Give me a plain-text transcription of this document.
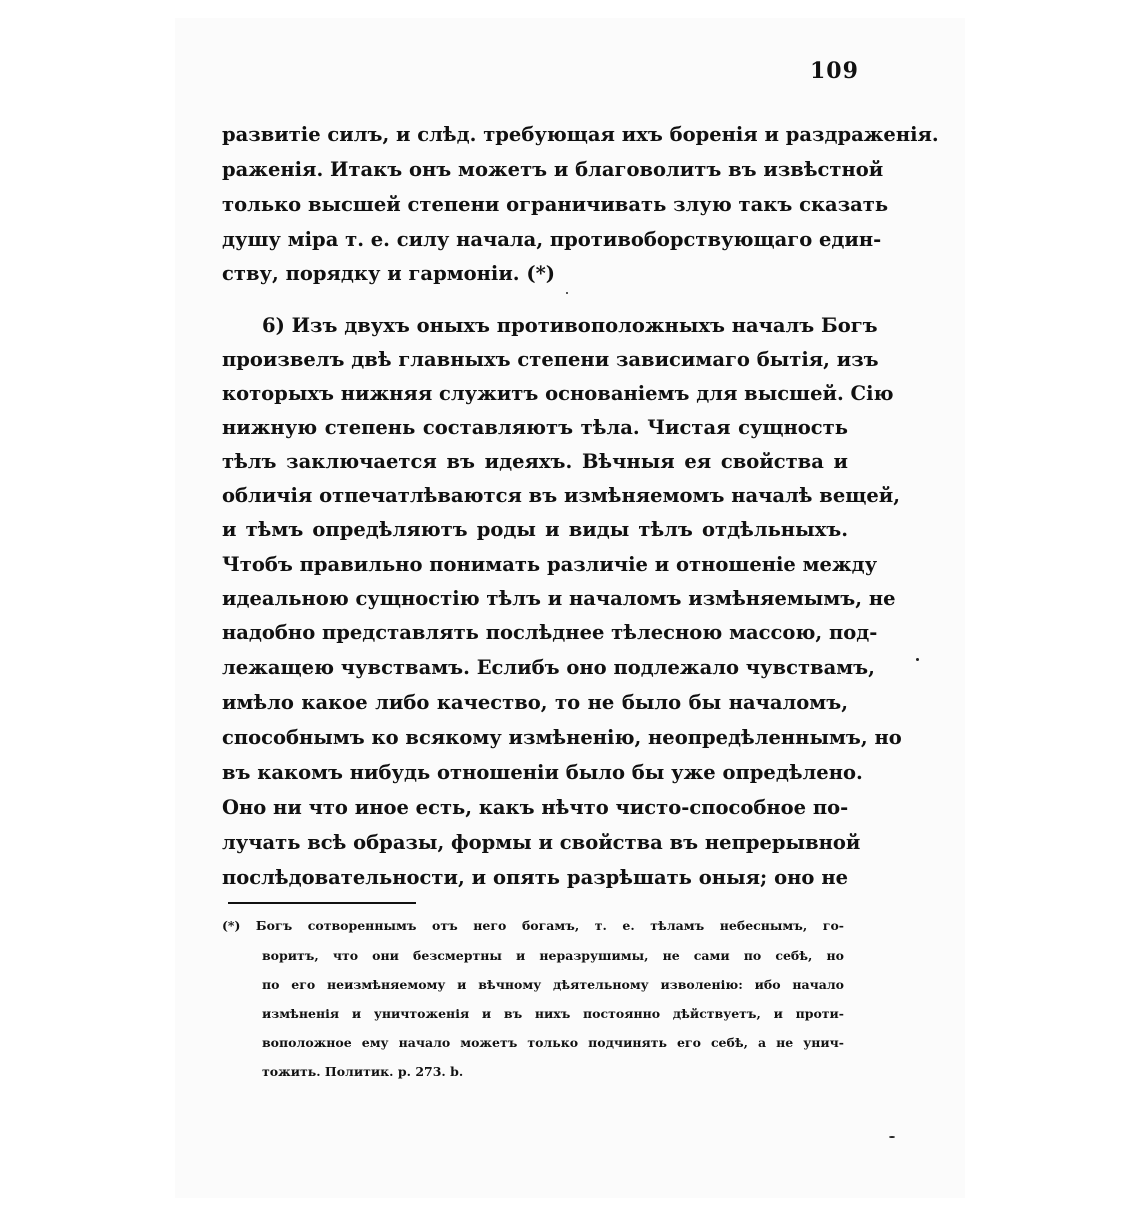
109
развитіе силъ, и слѣд. требующая ихъ боренія и раздраженія.
раженія. Итакъ онъ можетъ и благоволитъ въ извѣстной
только высшей степени ограничивать злую такъ сказать
душу міра т. е. силу начала, противоборствующаго един-
ству, порядку и гармоніи. (*)
6) Изъ двухъ оныхъ противоположныхъ началъ Богъ
произвелъ двѣ главныхъ степени зависимаго бытія, изъ
которыхъ нижняя служитъ основаніемъ для высшей. Сію
нижную степень составляютъ тѣла. Чистая сущность
тѣлъ заключается въ идеяхъ. Вѣчныя ея свойства и
обличія отпечатлѣваются въ измѣняемомъ началѣ вещей,
и тѣмъ опредѣляютъ роды и виды тѣлъ отдѣльныхъ.
Чтобъ правильно понимать различіе и отношеніе между
идеальною сущностію тѣлъ и началомъ измѣняемымъ, не
надобно представлять послѣднее тѣлесною массою, под-
лежащею чувствамъ. Еслибъ оно подлежало чувствамъ,
имѣло какое либо качество, то не было бы началомъ,
способнымъ ко всякому измѣненію, неопредѣленнымъ, но
въ какомъ нибудь отношеніи было бы уже опредѣлено.
Оно ни что иное есть, какъ нѣчто чисто-способное по-
лучать всѣ образы, формы и свойства въ непрерывной
послѣдовательности, и опять разрѣшать оныя; оно не
(*) Богъ сотвореннымъ отъ него богамъ, т. е. тѣламъ небеснымъ, го-
воритъ, что они безсмертны и неразрушимы, не сами по себѣ, но
по его неизмѣняемому и вѣчному дѣятельному изволенію: ибо начало
измѣненія и уничтоженія и въ нихъ постоянно дѣйствуетъ, и проти-
воположное ему начало можетъ только подчинять его себѣ, а не унич-
тожить. Политик. p. 273. b.
